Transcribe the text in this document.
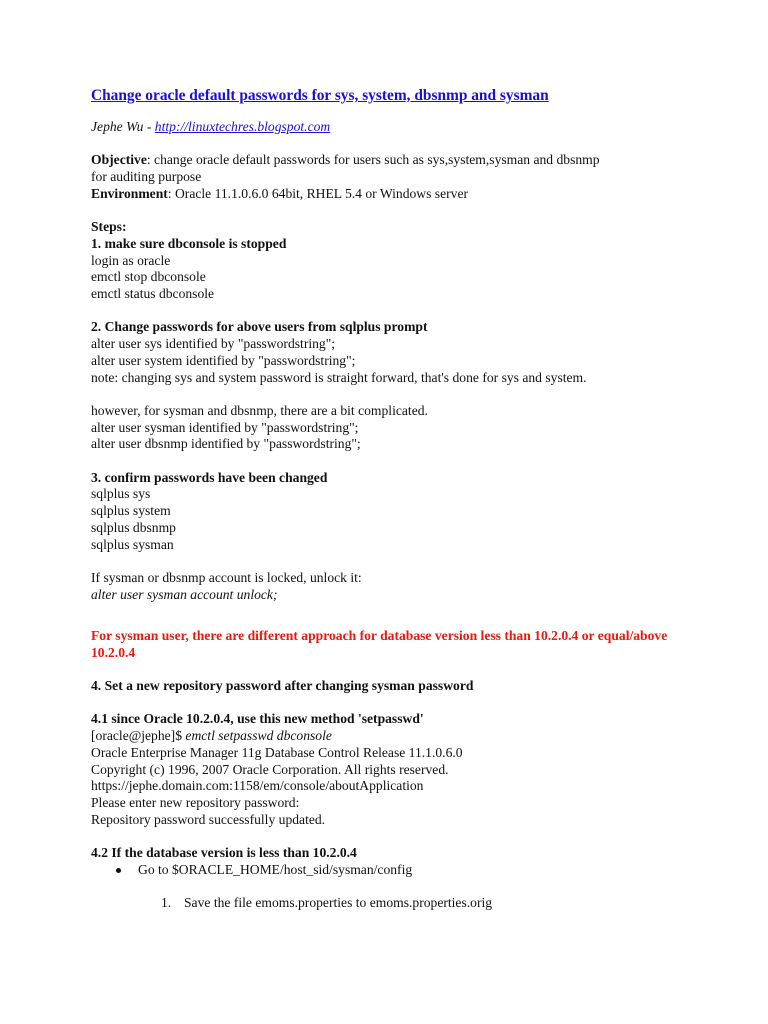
Change oracle default passwords for sys, system, dbsnmp and sysman

Jephe Wu - http://linuxtechres.blogspot.com

Objective: change oracle default passwords for users such as sys,system,sysman and dbsnmp

for auditing purpose

Environment: Oracle 11.1.0.6.0 64bit, RHEL 5.4 or Windows server

Steps:

1. make sure dbconsole is stopped

login as oracle

emctl stop dbconsole

emctl status dbconsole

2. Change passwords for above users from sqlplus prompt

alter user sys identified by "passwordstring";

alter user system identified by "passwordstring";

note: changing sys and system password is straight forward, that's done for sys and system.

however, for sysman and dbsnmp, there are a bit complicated.

alter user sysman identified by "passwordstring";

alter user dbsnmp identified by "passwordstring";

3. confirm passwords have been changed

sqlplus sys

sqlplus system

sqlplus dbsnmp

sqlplus sysman

If sysman or dbsnmp account is locked, unlock it:

alter user sysman account unlock;

For sysman user, there are different approach for database version less than 10.2.0.4 or equal/above 10.2.0.4

4. Set a new repository password after changing sysman password

4.1 since Oracle 10.2.0.4, use this new method 'setpasswd'

[oracle@jephe]$ emctl setpasswd dbconsole

Oracle Enterprise Manager 11g Database Control Release 11.1.0.6.0

Copyright (c) 1996, 2007 Oracle Corporation. All rights reserved.

https://jephe.domain.com:1158/em/console/aboutApplication

Please enter new repository password:

Repository password successfully updated.

4.2 If the database version is less than 10.2.0.4

Go to $ORACLE_HOME/host_sid/sysman/config

1. Save the file emoms.properties to emoms.properties.orig
